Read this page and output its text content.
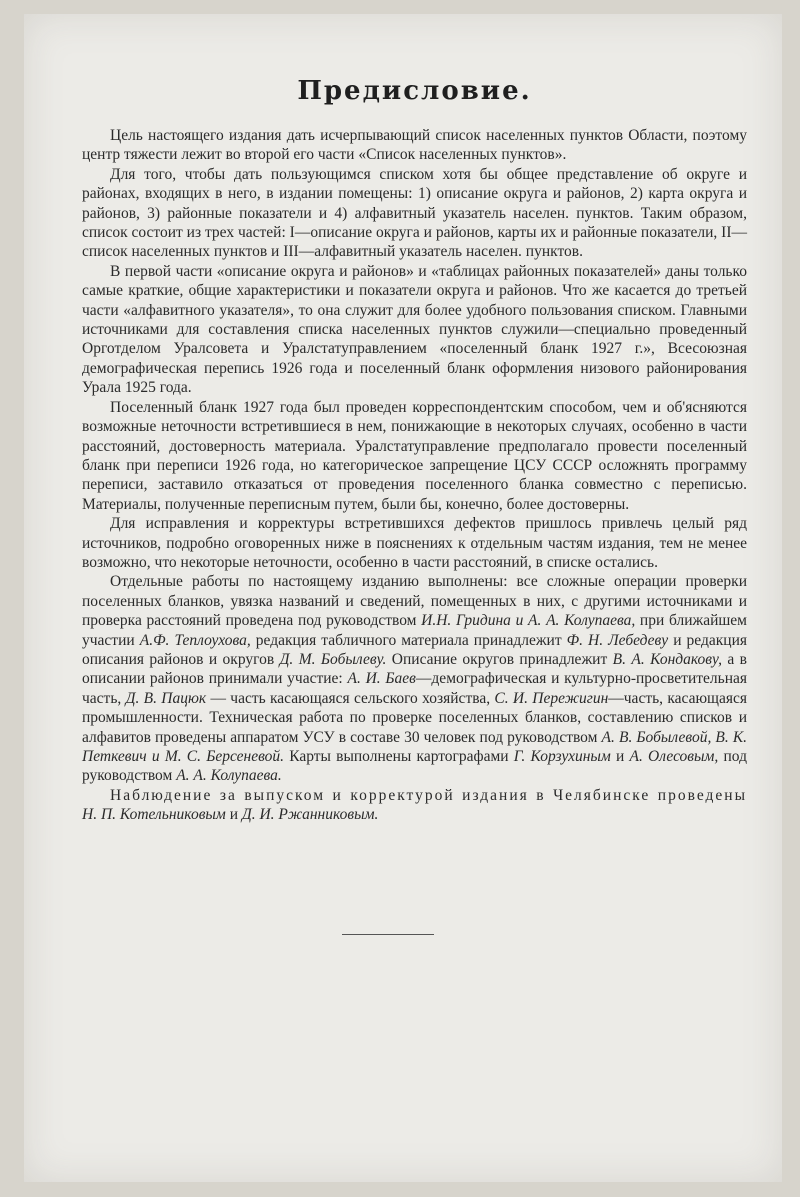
Предисловие.

Цель настоящего издания дать исчерпывающий список населенных пунктов Области, поэтому центр тяжести лежит во второй его части «Список населенных пунктов».

Для того, чтобы дать пользующимся списком хотя бы общее представление об округе и районах, входящих в него, в издании помещены: 1) описание округа и районов, 2) карта округа и районов, 3) районные показатели и 4) алфавитный указатель населен. пунктов. Таким образом, список состоит из трех частей: I—описание округа и районов, карты их и районные показатели, II—список населенных пунктов и III—алфавитный указатель населен. пунктов.

В первой части «описание округа и районов» и «таблицах районных показателей» даны только самые краткие, общие характеристики и показатели округа и районов. Что же касается до третьей части «алфавитного указателя», то она служит для более удобного пользования списком. Главными источниками для составления списка населенных пунктов служили—специально проведенный Орготделом Уралсовета и Уралстатуправлением «поселенный бланк 1927 г.», Всесоюзная демографическая перепись 1926 года и поселенный бланк оформления низового районирования Урала 1925 года.

Поселенный бланк 1927 года был проведен корреспондентским способом, чем и об'ясняются возможные неточности встретившиеся в нем, понижающие в некоторых случаях, особенно в части расстояний, достоверность материала. Уралстатуправление предполагало провести поселенный бланк при переписи 1926 года, но категорическое запрещение ЦСУ СССР осложнять программу переписи, заставило отказаться от проведения поселенного бланка совместно с переписью. Материалы, полученные переписным путем, были бы, конечно, более достоверны.

Для исправления и корректуры встретившихся дефектов пришлось привлечь целый ряд источников, подробно оговоренных ниже в пояснениях к отдельным частям издания, тем не менее возможно, что некоторые неточности, особенно в части расстояний, в списке остались.

Отдельные работы по настоящему изданию выполнены: все сложные операции проверки поселенных бланков, увязка названий и сведений, помещенных в них, с другими источниками и проверка расстояний проведена под руководством И.Н. Гридина и А. А. Колупаева, при ближайшем участии А.Ф. Теплоухова, редакция табличного материала принадлежит Ф. Н. Лебедеву и редакция описания районов и округов Д. М. Бобылеву. Описание округов принадлежит В. А. Кондакову, а в описании районов принимали участие: А. И. Баев—демографическая и культурно-просветительная часть, Д. В. Пацюк — часть касающаяся сельского хозяйства, С. И. Пережигин—часть, касающаяся промышленности. Техническая работа по проверке поселенных бланков, составлению списков и алфавитов проведены аппаратом УСУ в составе 30 человек под руководством А. В. Бобылевой, В. К. Петкевич и М. С. Берсеневой. Карты выполнены картографами Г. Корзухиным и А. Олесовым, под руководством А. А. Колупаева.

Наблюдение за выпуском и корректурой издания в Челябинске проведены Н. П. Котельниковым и Д. И. Ржанниковым.
